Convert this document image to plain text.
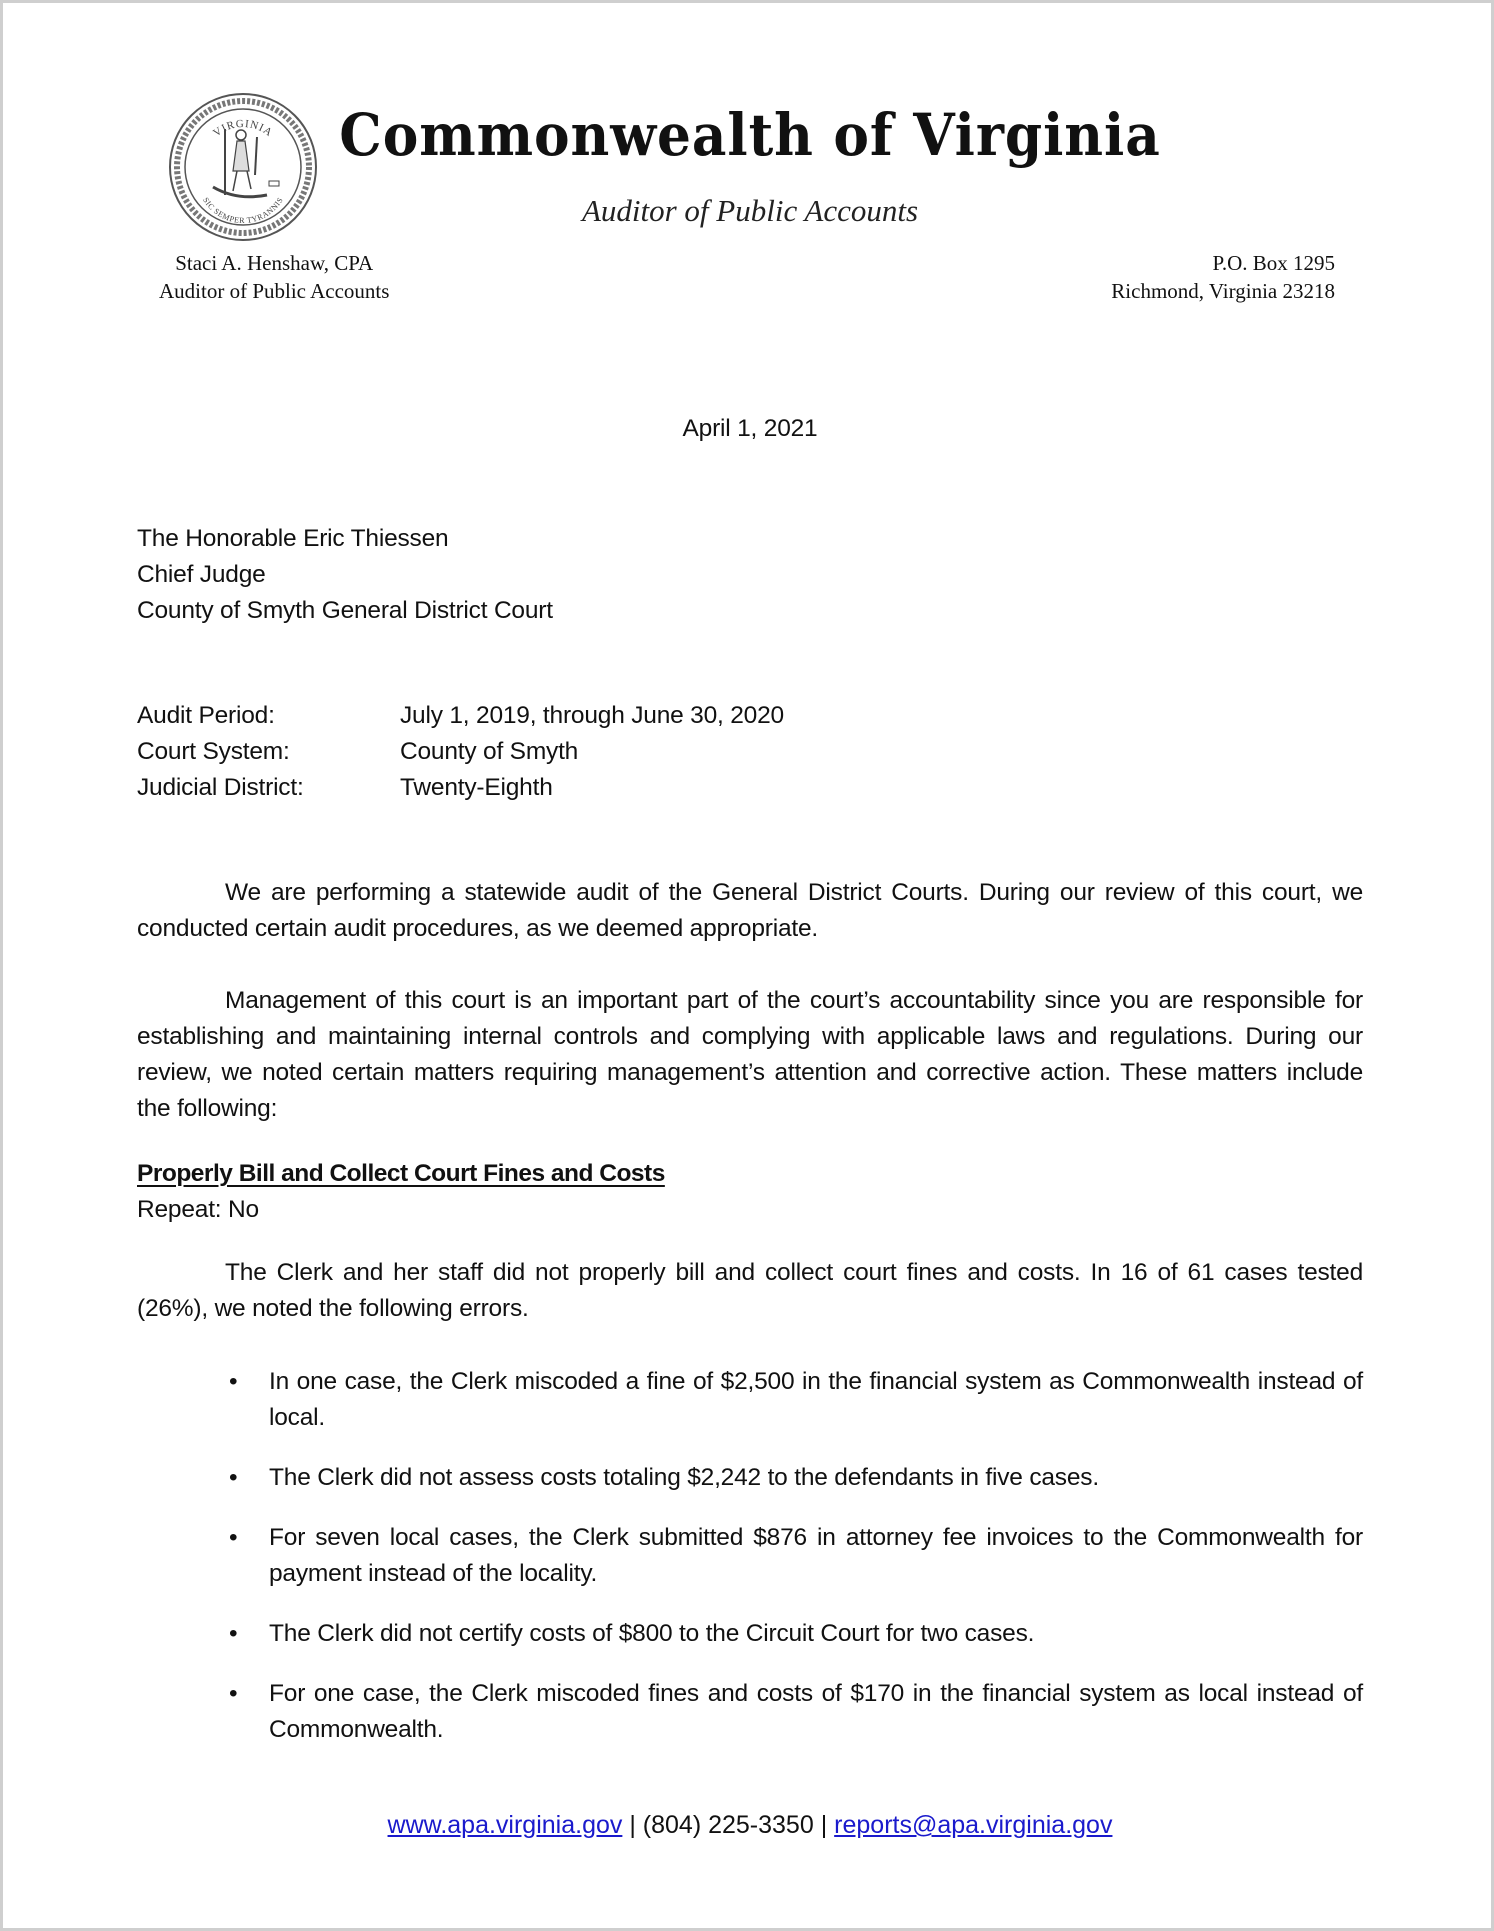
VIRGINIA
SIC SEMPER TYRANNIS
Commonwealth of Virginia
Auditor of Public Accounts
Staci A. Henshaw, CPA
Auditor of Public Accounts
P.O. Box 1295
Richmond, Virginia 23218
April 1, 2021
The Honorable Eric Thiessen
Chief Judge
County of Smyth General District Court
Audit Period:	July 1, 2019, through June 30, 2020
Court System:	County of Smyth
Judicial District:	Twenty-Eighth

We are performing a statewide audit of the General District Courts. During our review of this court, we conducted certain audit procedures, as we deemed appropriate.

Management of this court is an important part of the court’s accountability since you are responsible for establishing and maintaining internal controls and complying with applicable laws and regulations. During our review, we noted certain matters requiring management’s attention and corrective action. These matters include the following:

Properly Bill and Collect Court Fines and Costs
Repeat: No

The Clerk and her staff did not properly bill and collect court fines and costs. In 16 of 61 cases tested (26%), we noted the following errors.

• In one case, the Clerk miscoded a fine of $2,500 in the financial system as Commonwealth instead of local.
• The Clerk did not assess costs totaling $2,242 to the defendants in five cases.
• For seven local cases, the Clerk submitted $876 in attorney fee invoices to the Commonwealth for payment instead of the locality.
• The Clerk did not certify costs of $800 to the Circuit Court for two cases.
• For one case, the Clerk miscoded fines and costs of $170 in the financial system as local instead of Commonwealth.
www.apa.virginia.gov | (804) 225-3350 | reports@apa.virginia.gov
